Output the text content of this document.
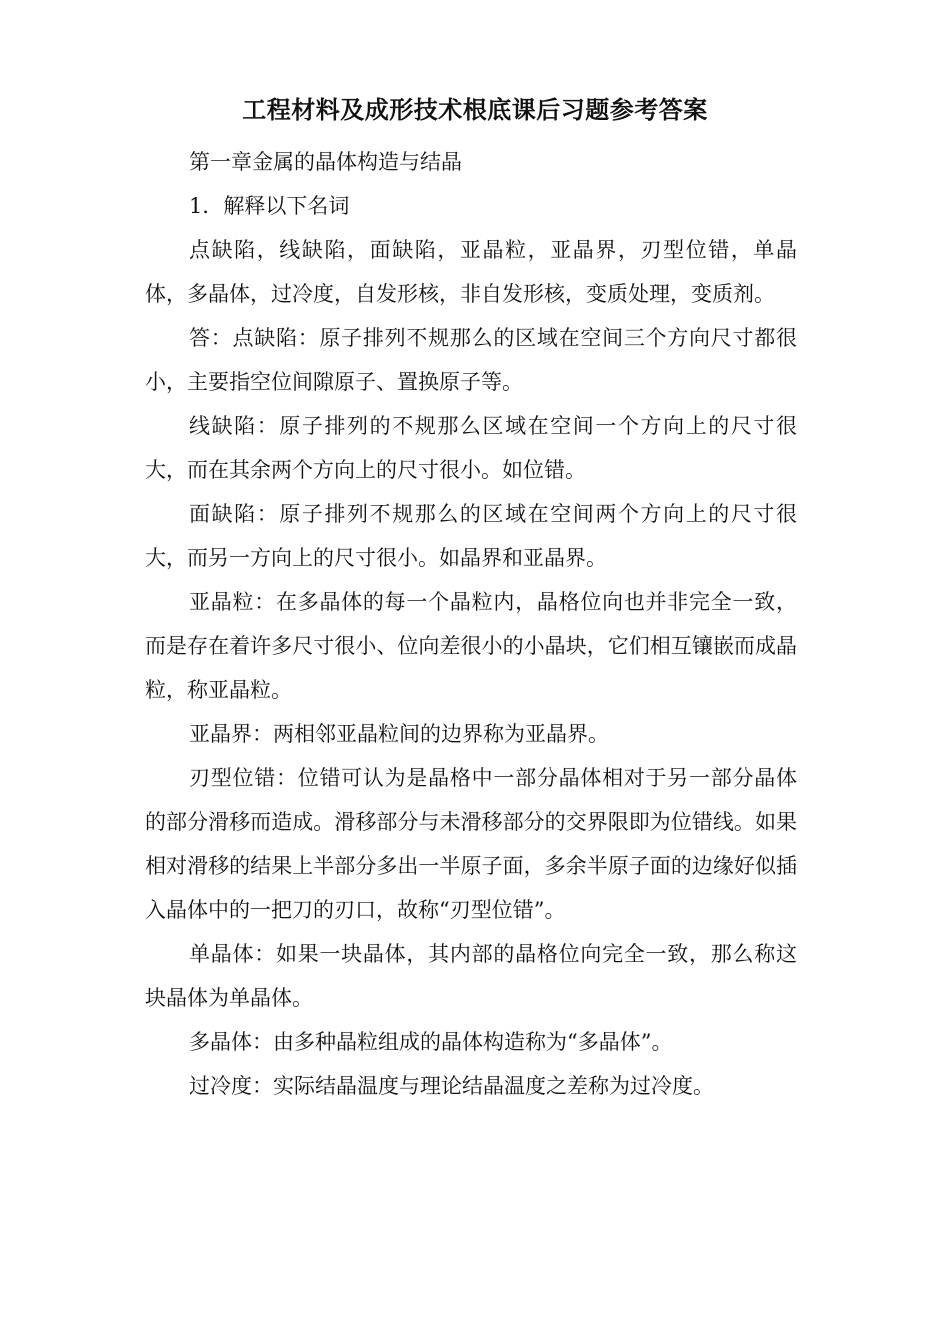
工程材料及成形技术根底课后习题参考答案

第一章金属的晶体构造与结晶

1．解释以下名词

点缺陷，线缺陷，面缺陷，亚晶粒，亚晶界，刃型位错，单晶体，多晶体，过冷度，自发形核，非自发形核，变质处理，变质剂。

答：点缺陷：原子排列不规那么的区域在空间三个方向尺寸都很小，主要指空位间隙原子、置换原子等。

线缺陷：原子排列的不规那么区域在空间一个方向上的尺寸很大，而在其余两个方向上的尺寸很小。如位错。

面缺陷：原子排列不规那么的区域在空间两个方向上的尺寸很大，而另一方向上的尺寸很小。如晶界和亚晶界。

亚晶粒：在多晶体的每一个晶粒内，晶格位向也并非完全一致，而是存在着许多尺寸很小、位向差很小的小晶块，它们相互镶嵌而成晶粒，称亚晶粒。

亚晶界：两相邻亚晶粒间的边界称为亚晶界。

刃型位错：位错可认为是晶格中一部分晶体相对于另一部分晶体的部分滑移而造成。滑移部分与未滑移部分的交界限即为位错线。如果相对滑移的结果上半部分多出一半原子面，多余半原子面的边缘好似插入晶体中的一把刀的刃口，故称“刃型位错”。

单晶体：如果一块晶体，其内部的晶格位向完全一致，那么称这块晶体为单晶体。

多晶体：由多种晶粒组成的晶体构造称为“多晶体”。

过冷度：实际结晶温度与理论结晶温度之差称为过冷度。
